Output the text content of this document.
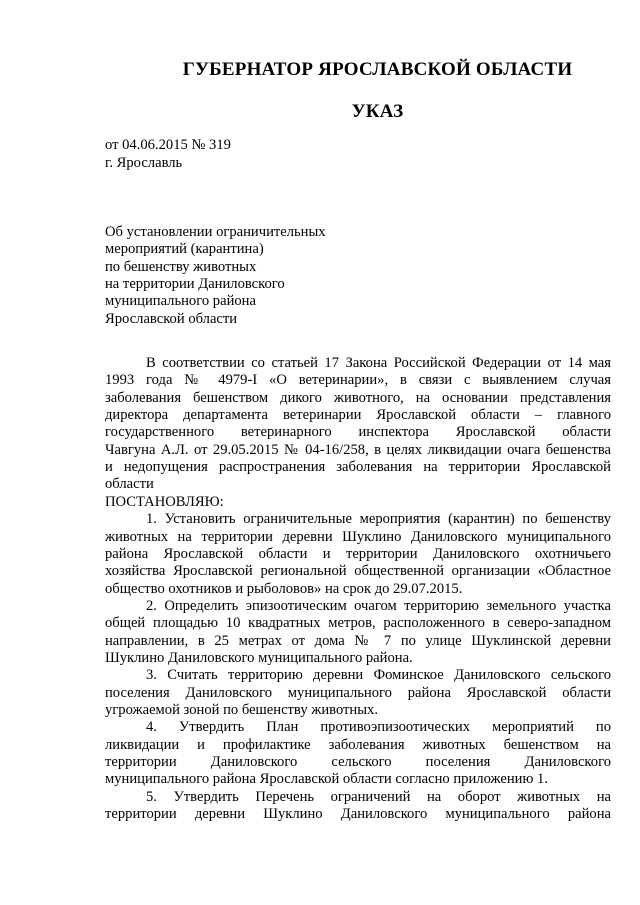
ГУБЕРНАТОР ЯРОСЛАВСКОЙ ОБЛАСТИ
УКАЗ
от 04.06.2015 № 319
г. Ярославль
Об установлении ограничительных
мероприятий (карантина)
по бешенству животных
на территории Даниловского
муниципального района
Ярославской области
В соответствии со статьей 17 Закона Российской Федерации от 14 мая
1993 года № 4979-I «О ветеринарии», в связи с выявлением случая
заболевания бешенством дикого животного, на основании представления
директора департамента ветеринарии Ярославской области – главного
государственного ветеринарного инспектора Ярославской области
Чавгуна А.Л. от 29.05.2015 № 04-16/258, в целях ликвидации очага бешенства
и недопущения распространения заболевания на территории Ярославской
области
ПОСТАНОВЛЯЮ:
1. Установить ограничительные мероприятия (карантин) по бешенству
животных на территории деревни Шуклино Даниловского муниципального
района Ярославской области и территории Даниловского охотничьего
хозяйства Ярославской региональной общественной организации «Областное
общество охотников и рыболовов» на срок до 29.07.2015.
2. Определить эпизоотическим очагом территорию земельного участка
общей площадью 10 квадратных метров, расположенного в северо-западном
направлении, в 25 метрах от дома № 7 по улице Шуклинской деревни
Шуклино Даниловского муниципального района.
3. Считать территорию деревни Фоминское Даниловского сельского
поселения Даниловского муниципального района Ярославской области
угрожаемой зоной по бешенству животных.
4. Утвердить План противоэпизоотических мероприятий по
ликвидации и профилактике заболевания животных бешенством на
территории Даниловского сельского поселения Даниловского
муниципального района Ярославской области согласно приложению 1.
5. Утвердить Перечень ограничений на оборот животных на
территории деревни Шуклино Даниловского муниципального района
